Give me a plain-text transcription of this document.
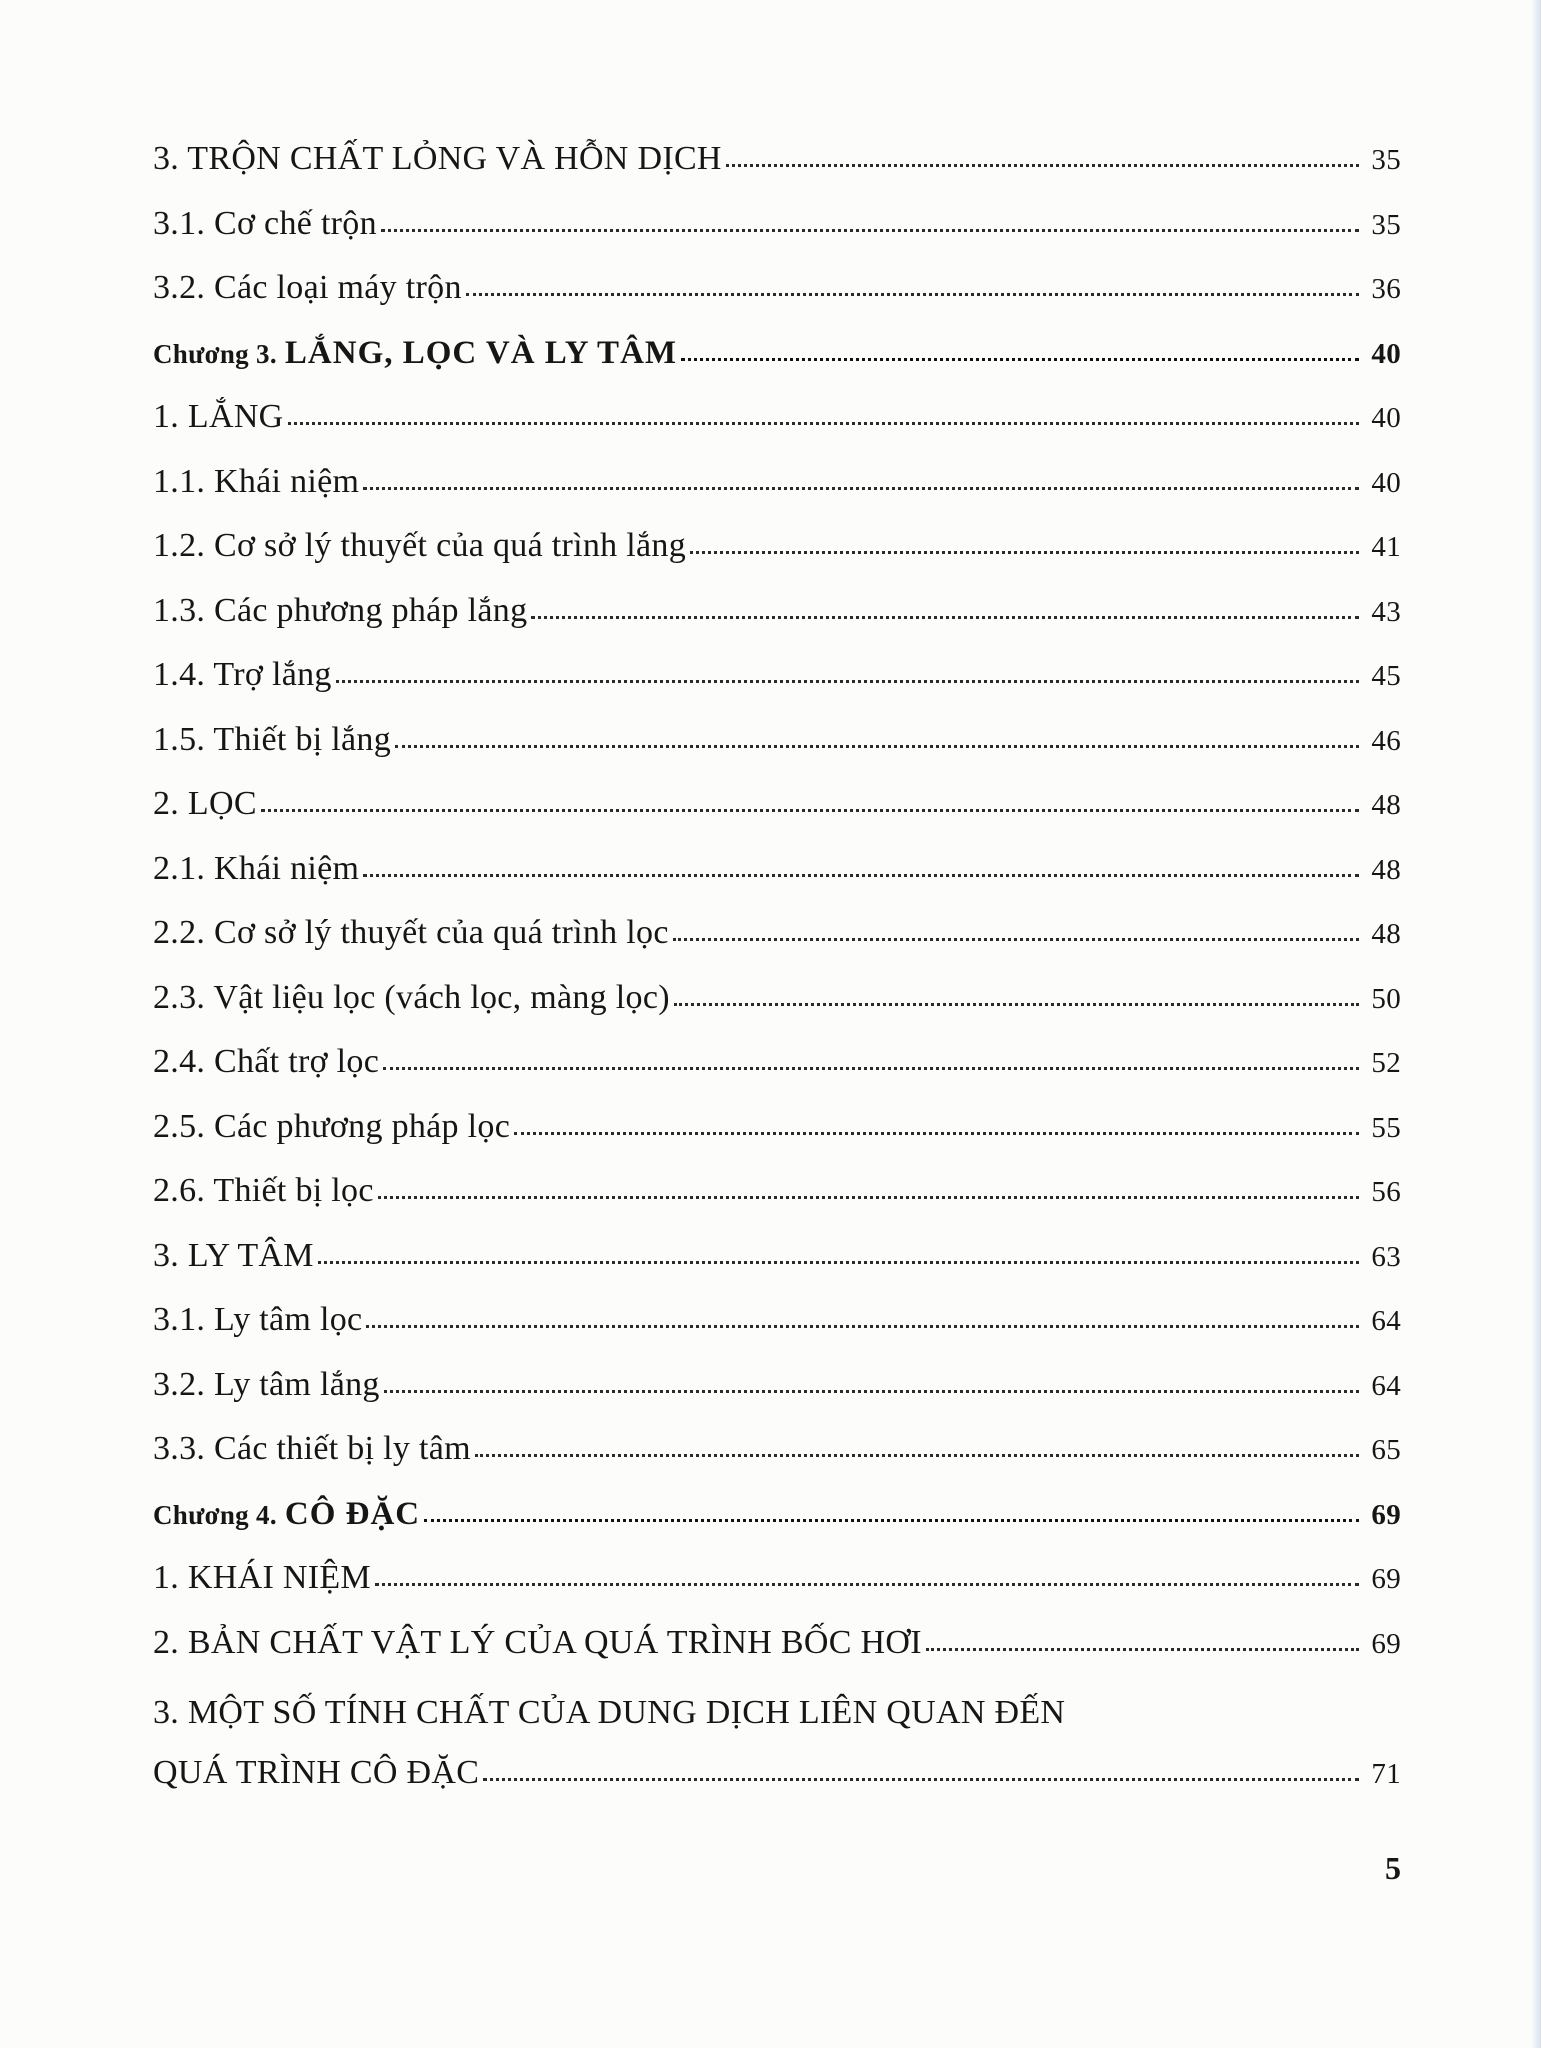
3. TRỘN CHẤT LỎNG VÀ HỖN DỊCH	35
3.1. Cơ chế trộn	35
3.2. Các loại máy trộn	36
Chương 3. LẮNG, LỌC VÀ LY TÂM	40
1. LẮNG	40
1.1. Khái niệm	40
1.2. Cơ sở lý thuyết của quá trình lắng	41
1.3. Các phương pháp lắng	43
1.4. Trợ lắng	45
1.5. Thiết bị lắng	46
2. LỌC	48
2.1. Khái niệm	48
2.2. Cơ sở lý thuyết của quá trình lọc	48
2.3. Vật liệu lọc (vách lọc, màng lọc)	50
2.4. Chất trợ lọc	52
2.5. Các phương pháp lọc	55
2.6. Thiết bị lọc	56
3. LY TÂM	63
3.1. Ly tâm lọc	64
3.2. Ly tâm lắng	64
3.3. Các thiết bị ly tâm	65
Chương 4. CÔ ĐẶC	69
1. KHÁI NIỆM	69
2. BẢN CHẤT VẬT LÝ CỦA QUÁ TRÌNH BỐC HƠI	69
3. MỘT SỐ TÍNH CHẤT CỦA DUNG DỊCH LIÊN QUAN ĐẾN
QUÁ TRÌNH CÔ ĐẶC	71
5
